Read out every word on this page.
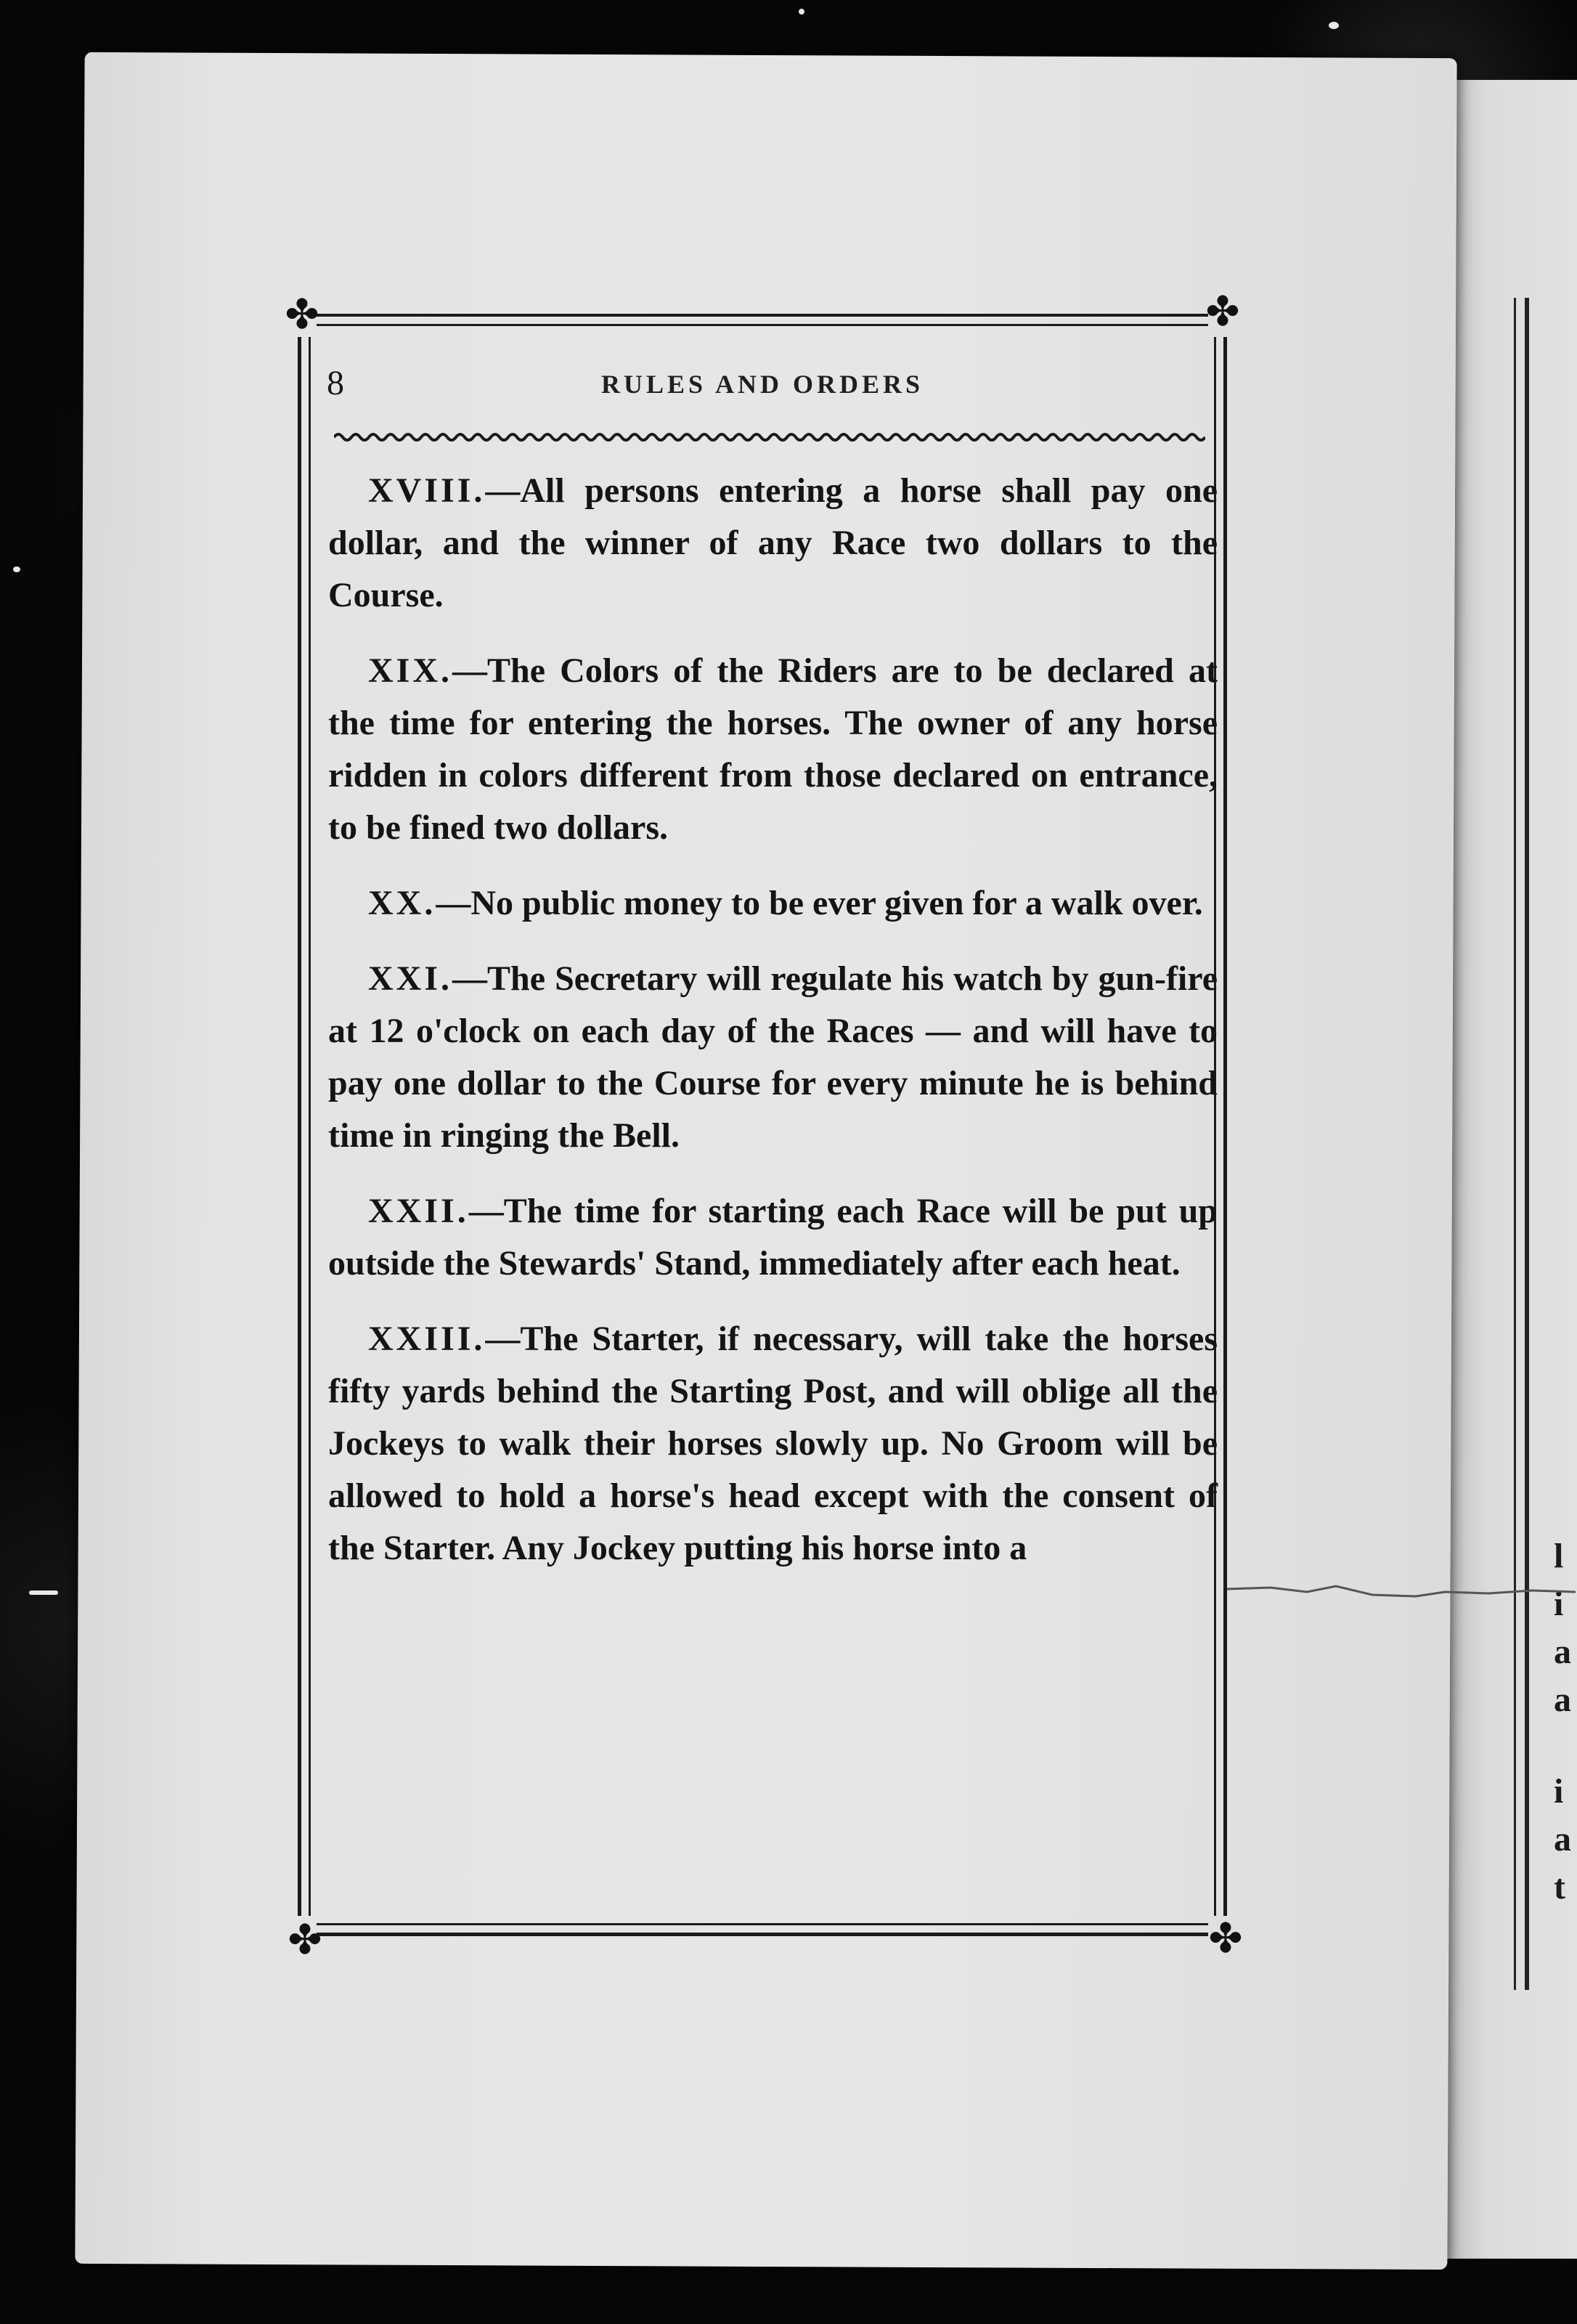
l
i
a
a
i
a
t
✤	✤
✤	✤
8	RULES AND ORDERS

XVIII.—All persons entering a horse shall pay one dollar, and the winner of any Race two dollars to the Course.

XIX.—The Colors of the Riders are to be declared at the time for entering the horses. The owner of any horse ridden in colors different from those declared on entrance, to be fined two dollars.

XX.—No public money to be ever given for a walk over.

XXI.—The Secretary will regulate his watch by gun-fire at 12 o'clock on each day of the Races — and will have to pay one dollar to the Course for every minute he is behind time in ringing the Bell.

XXII.—The time for starting each Race will be put up outside the Stewards' Stand, immediately after each heat.

XXIII.—The Starter, if necessary, will take the horses fifty yards behind the Starting Post, and will oblige all the Jockeys to walk their horses slowly up. No Groom will be allowed to hold a horse's head except with the consent of the Starter. Any Jockey putting his horse into a
